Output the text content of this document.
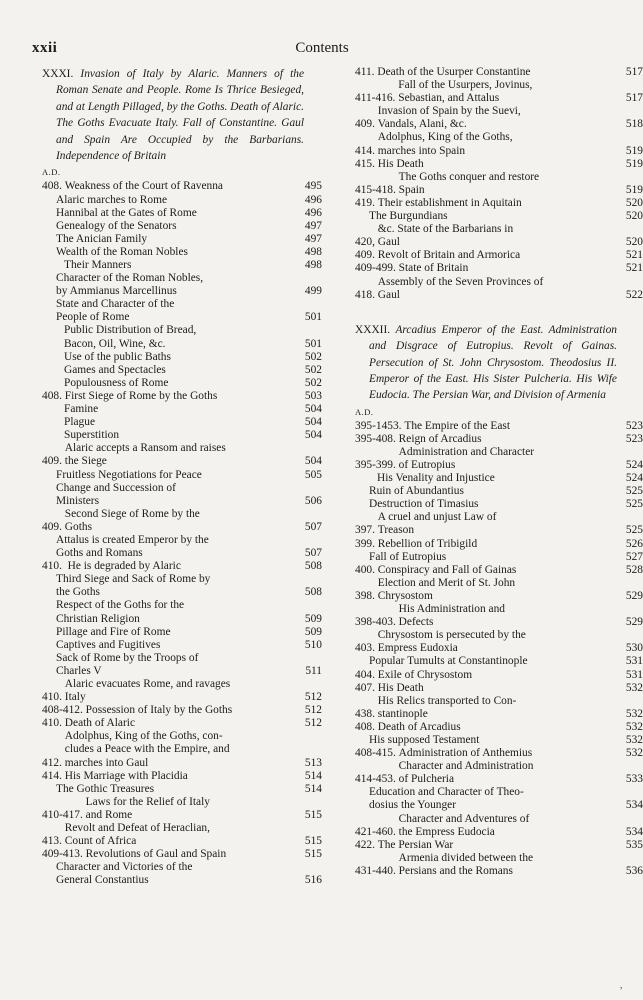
xxii	Contents

XXXI. Invasion of Italy by Alaric. Manners of the Roman Senate and People. Rome Is Thrice Besieged, and at Length Pillaged, by the Goths. Death of Alaric. The Goths Evacuate Italy. Fall of Constantine. Gaul and Spain Are Occupied by the Barbarians. Independence of Britain

A.D.
408. Weakness of the Court of Ravenna	495
Alaric marches to Rome	496
Hannibal at the Gates of Rome	496
Genealogy of the Senators	497
The Anician Family	497
Wealth of the Roman Nobles	498
Their Manners	498
Character of the Roman Nobles,
by Ammianus Marcellinus	499
State and Character of the
People of Rome	501
Public Distribution of Bread,
Bacon, Oil, Wine, &c.	501
Use of the public Baths	502
Games and Spectacles	502
Populousness of Rome	502
408. First Siege of Rome by the Goths	503
Famine	504
Plague	504
Superstition	504
409.
Alaric accepts a Ransom and raises
the Siege	504
Fruitless Negotiations for Peace	505
Change and Succession of
Ministers	506
409.
Second Siege of Rome by the
Goths	507
Attalus is created Emperor by the
Goths and Romans	507
410. He is degraded by Alaric	508
Third Siege and Sack of Rome by
the Goths	508
Respect of the Goths for the
Christian Religion	509
Pillage and Fire of Rome	509
Captives and Fugitives	510
Sack of Rome by the Troops of
Charles V	511
410.
Alaric evacuates Rome, and ravages
Italy	512
408-412. Possession of Italy by the Goths	512
410. Death of Alaric	512
412.
Adolphus, King of the Goths, con-
cludes a Peace with the Empire, and
marches into Gaul	513
414. His Marriage with Placidia	514
The Gothic Treasures	514
410-417.
Laws for the Relief of Italy
and Rome	515
413.
Revolt and Defeat of Heraclian,
Count of Africa	515
409-413. Revolutions of Gaul and Spain	515
Character and Victories of the
General Constantius	516
411. Death of the Usurper Constantine	517
411-416.
Fall of the Usurpers, Jovinus,
Sebastian, and Attalus	517
409.
Invasion of Spain by the Suevi,
Vandals, Alani, &c.	518
414.
Adolphus, King of the Goths,
marches into Spain	519
415. His Death	519
415-418.
The Goths conquer and restore
Spain	519
419. Their establishment in Aquitain	520
The Burgundians	520
420,
&c. State of the Barbarians in
Gaul	520
409. Revolt of Britain and Armorica	521
409-499. State of Britain	521
418.
Assembly of the Seven Provinces of
Gaul	522

XXXII. Arcadius Emperor of the East. Administration and Disgrace of Eutropius. Revolt of Gainas. Persecution of St. John Chrysostom. Theodosius II. Emperor of the East. His Sister Pulcheria. His Wife Eudocia. The Persian War, and Division of Armenia

A.D.
395-1453. The Empire of the East	523
395-408. Reign of Arcadius	523
395-399.
Administration and Character
of Eutropius	524
His Venality and Injustice	524
Ruin of Abundantius	525
Destruction of Timasius	525
397.
A cruel and unjust Law of
Treason	525
399. Rebellion of Tribigild	526
Fall of Eutropius	527
400. Conspiracy and Fall of Gainas	528
398.
Election and Merit of St. John
Chrysostom	529
398-403.
His Administration and
Defects	529
403.
Chrysostom is persecuted by the
Empress Eudoxia	530
Popular Tumults at Constantinople	531
404. Exile of Chrysostom	531
407. His Death	532
438.
His Relics transported to Con-
stantinople	532
408. Death of Arcadius	532
His supposed Testament	532
408-415. Administration of Anthemius	532
414-453.
Character and Administration
of Pulcheria	533
Education and Character of Theo-
dosius the Younger	534
421-460.
Character and Adventures of
the Empress Eudocia	534
422. The Persian War	535
431-440.
Armenia divided between the
Persians and the Romans	536
,
